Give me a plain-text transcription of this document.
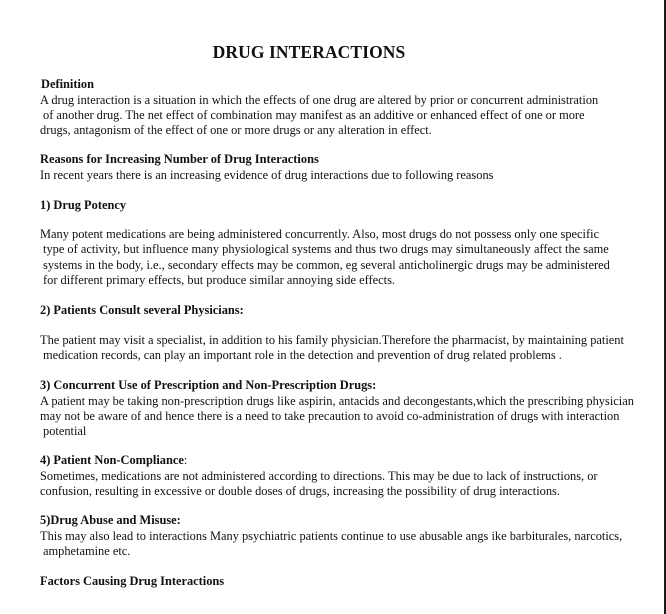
DRUG INTERACTIONS
Definition
A drug interaction is a situation in which the effects of one drug are altered by prior or concurrent administration
of another drug. The net effect of combination may manifest as an additive or enhanced effect of one or more
drugs, antagonism of the effect of one or more drugs or any alteration in effect.
Reasons for Increasing Number of Drug Interactions
In recent years there is an increasing evidence of drug interactions due to following reasons
1) Drug Potency
Many potent medications are being administered concurrently. Also, most drugs do not possess only one specific
type of activity, but influence many physiological systems and thus two drugs may simultaneously affect the same
systems in the body, i.e., secondary effects may be common, eg several anticholinergic drugs may be administered
for different primary effects, but produce similar annoying side effects.
2) Patients Consult several Physicians:
The patient may visit a specialist, in addition to his family physician.Therefore the pharmacist, by maintaining patient
medication records, can play an important role in the detection and prevention of drug related problems .
3) Concurrent Use of Prescription and Non-Prescription Drugs:
A patient may be taking non-prescription drugs like aspirin, antacids and decongestants,which the prescribing physician
may not be aware of and hence there is a need to take precaution to avoid co-administration of drugs with interaction
potential
4) Patient Non-Compliance:
Sometimes, medications are not administered according to directions. This may be due to lack of instructions, or
confusion, resulting in excessive or double doses of drugs, increasing the possibility of drug interactions.
5)Drug Abuse and Misuse:
This may also lead to interactions Many psychiatric patients continue to use abusable angs ike barbiturales, narcotics,
amphetamine etc.
Factors Causing Drug Interactions
